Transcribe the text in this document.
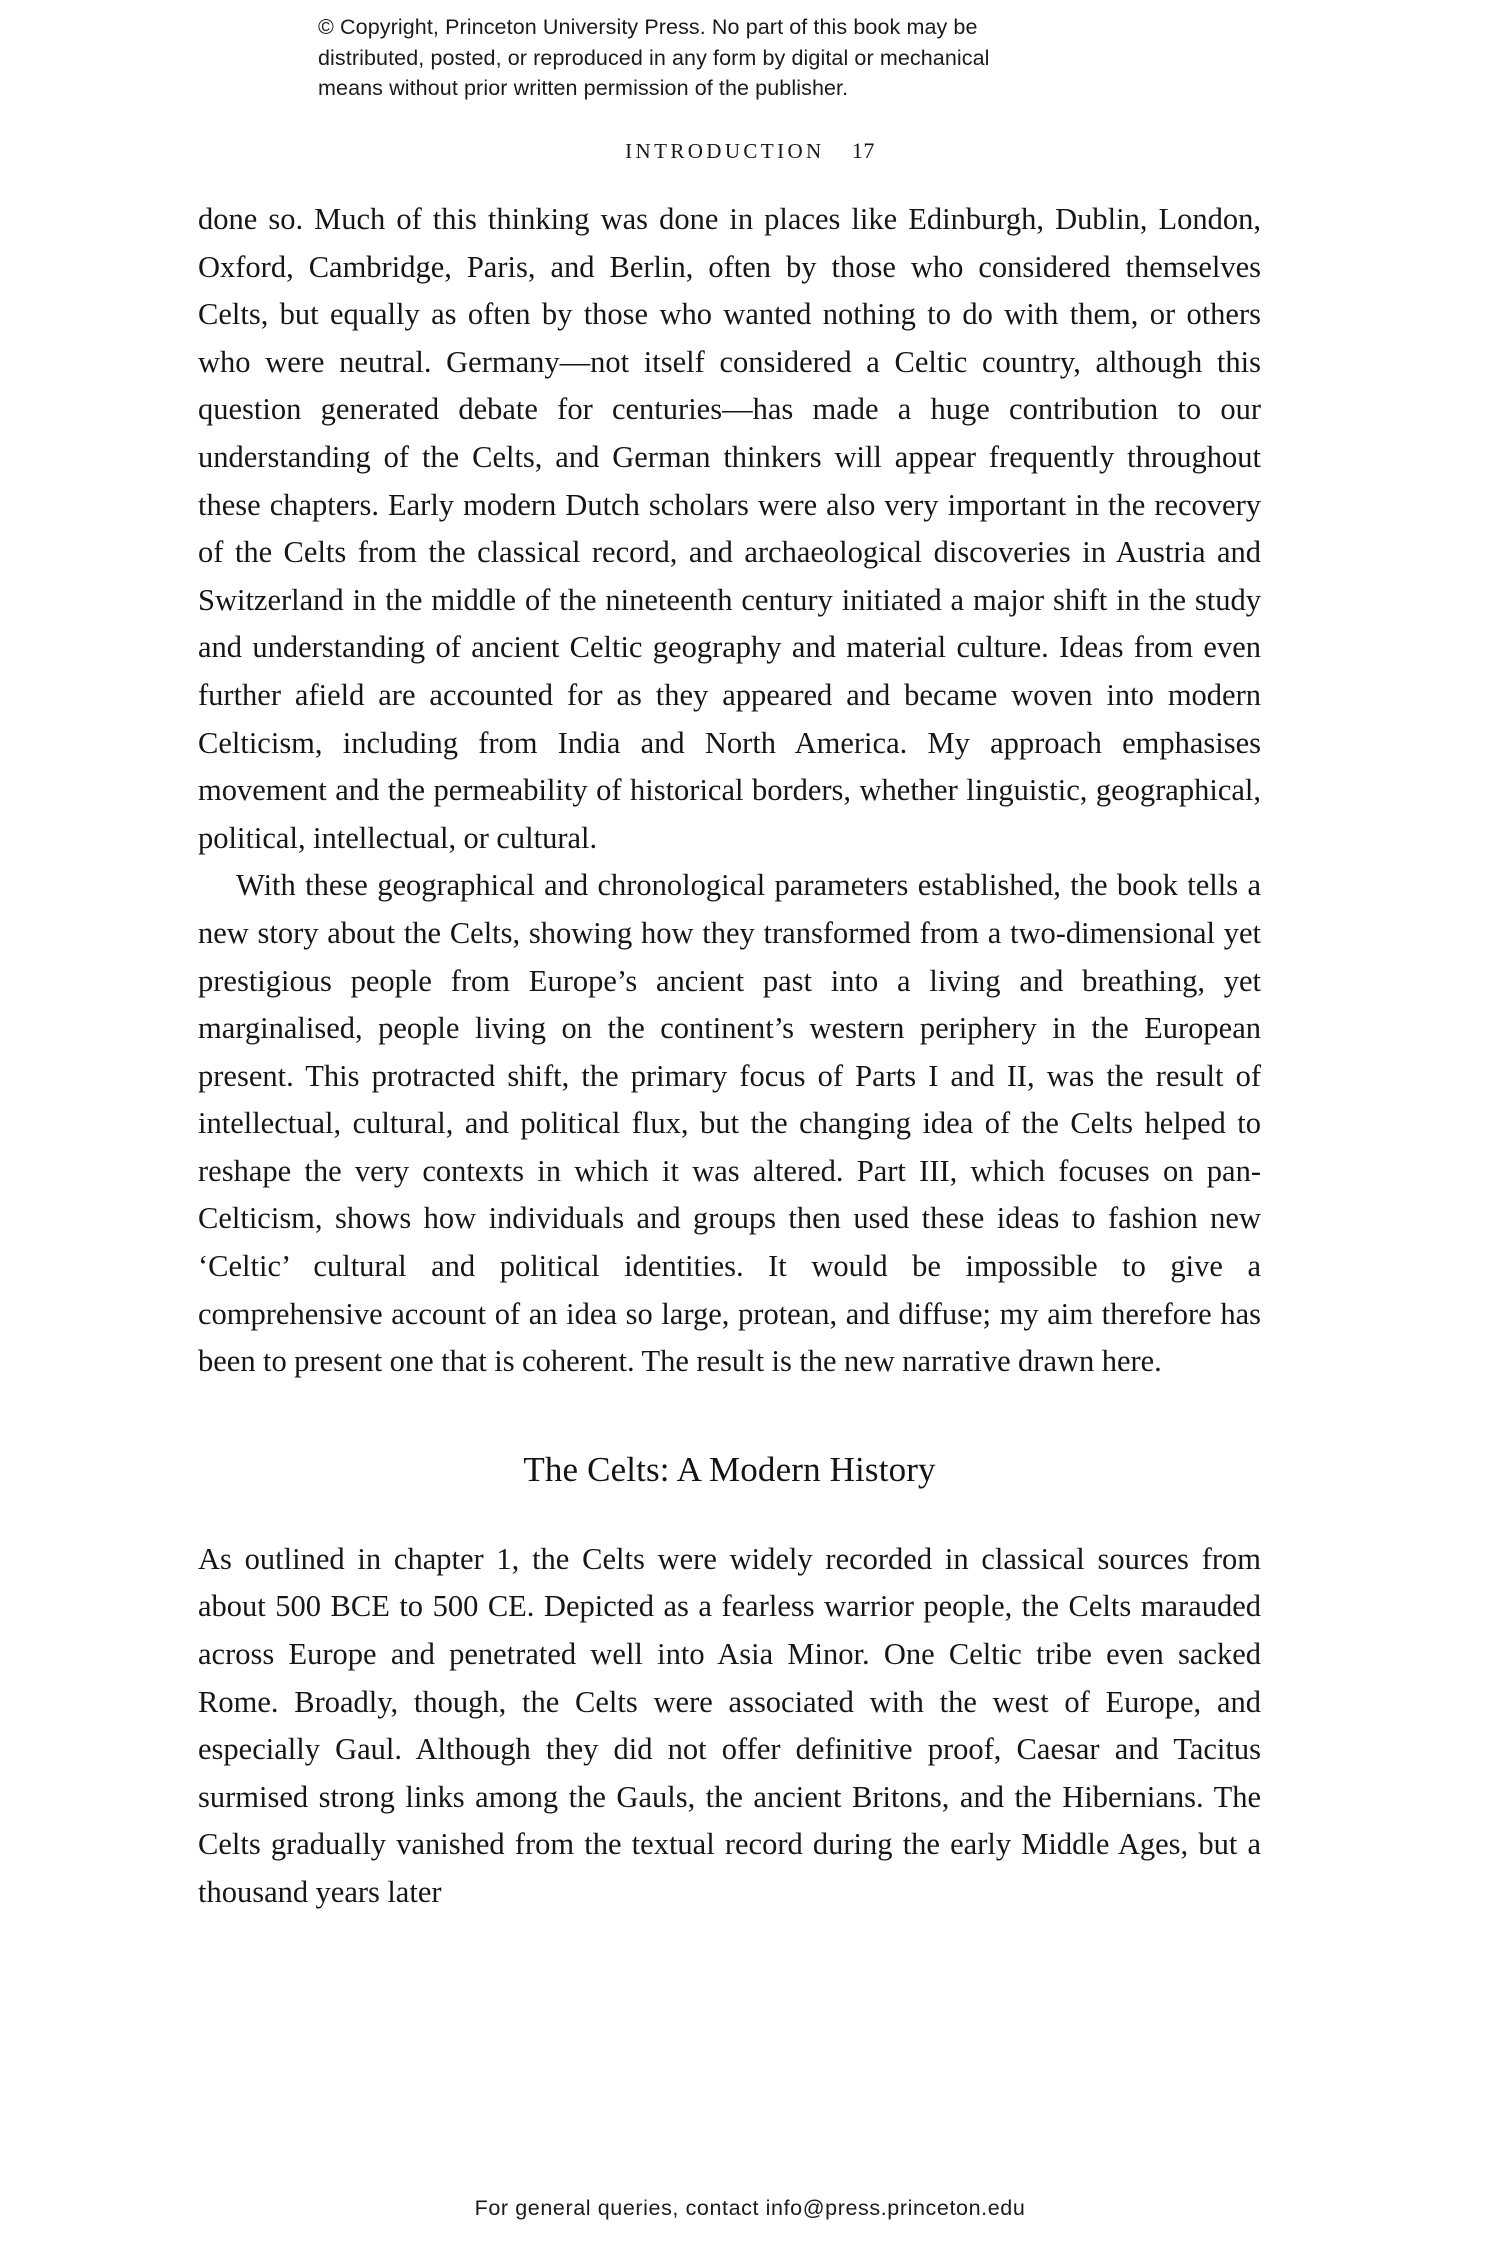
© Copyright, Princeton University Press. No part of this book may be
distributed, posted, or reproduced in any form by digital or mechanical
means without prior written permission of the publisher.
INTRODUCTION 17

done so. Much of this thinking was done in places like Edinburgh, Dublin, London, Oxford, Cambridge, Paris, and Berlin, often by those who considered themselves Celts, but equally as often by those who wanted nothing to do with them, or others who were neutral. Germany—not itself considered a Celtic country, although this question generated debate for centuries—has made a huge contribution to our understanding of the Celts, and German thinkers will appear frequently throughout these chapters. Early modern Dutch scholars were also very important in the recovery of the Celts from the classical record, and archaeological discoveries in Austria and Switzerland in the middle of the nineteenth century initiated a major shift in the study and understanding of ancient Celtic geography and material culture. Ideas from even further afield are accounted for as they appeared and became woven into modern Celticism, including from India and North America. My approach emphasises movement and the permeability of historical borders, whether linguistic, geographical, political, intellectual, or cultural.

With these geographical and chronological parameters established, the book tells a new story about the Celts, showing how they transformed from a two-dimensional yet prestigious people from Europe’s ancient past into a living and breathing, yet marginalised, people living on the continent’s western periphery in the European present. This protracted shift, the primary focus of Parts I and II, was the result of intellectual, cultural, and political flux, but the changing idea of the Celts helped to reshape the very contexts in which it was altered. Part III, which focuses on pan-Celticism, shows how individuals and groups then used these ideas to fashion new ‘Celtic’ cultural and political identities. It would be impossible to give a comprehensive account of an idea so large, protean, and diffuse; my aim therefore has been to present one that is coherent. The result is the new narrative drawn here.

The Celts: A Modern History

As outlined in chapter 1, the Celts were widely recorded in classical sources from about 500 BCE to 500 CE. Depicted as a fearless warrior people, the Celts marauded across Europe and penetrated well into Asia Minor. One Celtic tribe even sacked Rome. Broadly, though, the Celts were associated with the west of Europe, and especially Gaul. Although they did not offer definitive proof, Caesar and Tacitus surmised strong links among the Gauls, the ancient Britons, and the Hibernians. The Celts gradually vanished from the textual record during the early Middle Ages, but a thousand years later

For general queries, contact info@press.princeton.edu
